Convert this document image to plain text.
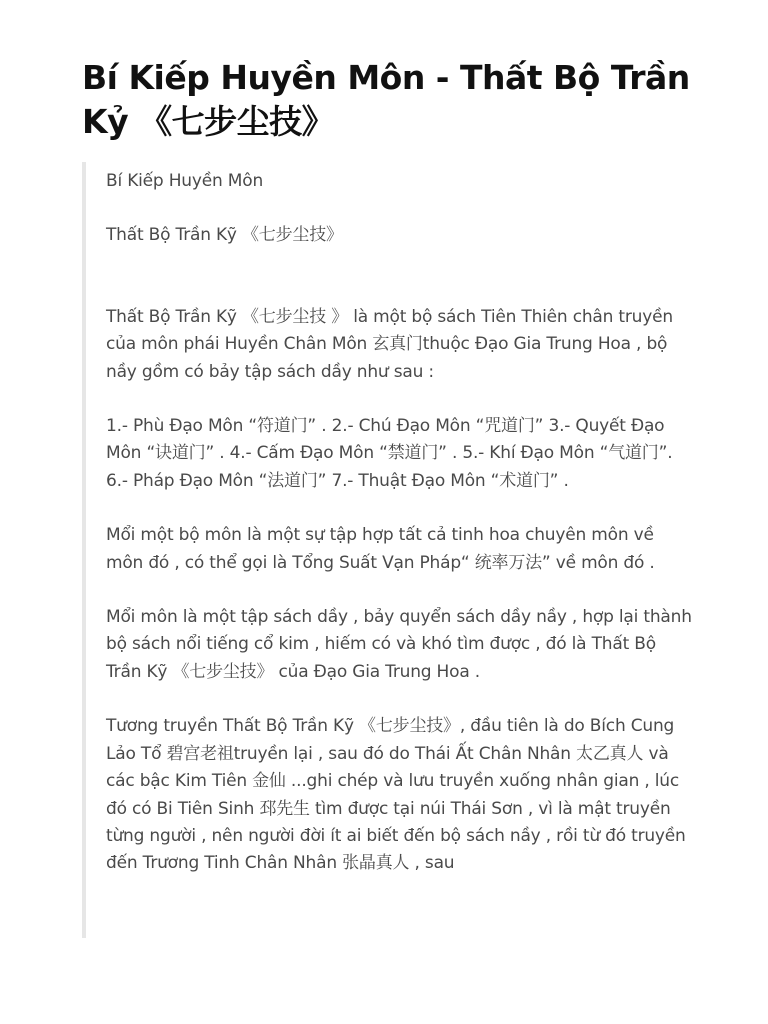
Bí Kiếp Huyền Môn - Thất Bộ Trần Kỷ 《七步尘技》

Bí Kiếp Huyền Môn

Thất Bộ Trần Kỹ 《七步尘技》

Thất Bộ Trần Kỹ 《七步尘技 》 là một bộ sách Tiên Thiên chân truyền của môn phái Huyền Chân Môn 玄真门thuộc Đạo Gia Trung Hoa , bộ nầy gồm có bảy tập sách dầy như sau :

1.- Phù Đạo Môn “符道门” . 2.- Chú Đạo Môn “咒道门” 3.- Quyết Đạo Môn “诀道门” . 4.- Cấm Đạo Môn “禁道门” . 5.- Khí Đạo Môn “气道门”. 6.- Pháp Đạo Môn “法道门” 7.- Thuật Đạo Môn “术道门” .

Mổi một bộ môn là một sự tập hợp tất cả tinh hoa chuyên môn về môn đó , có thể gọi là Tổng Suất Vạn Pháp“ 统率万法” về môn đó .

Mổi môn là một tập sách dầy , bảy quyển sách dầy nầy , hợp lại thành bộ sách nổi tiếng cổ kim , hiếm có và khó tìm được , đó là Thất Bộ Trần Kỹ 《七步尘技》 của Đạo Gia Trung Hoa .

Tương truyền Thất Bộ Trần Kỹ 《七步尘技》, đầu tiên là do Bích Cung Lảo Tổ 碧宫老祖truyền lại , sau đó do Thái Ất Chân Nhân 太乙真人 và các bậc Kim Tiên 金仙 ...ghi chép và lưu truyền xuống nhân gian , lúc đó có Bi Tiên Sinh 邳先生 tìm được tại núi Thái Sơn , vì là mật truyền từng người , nên người đời ít ai biết đến bộ sách nầy , rồi từ đó truyền đến Trương Tinh Chân Nhân 张晶真人 , sau
